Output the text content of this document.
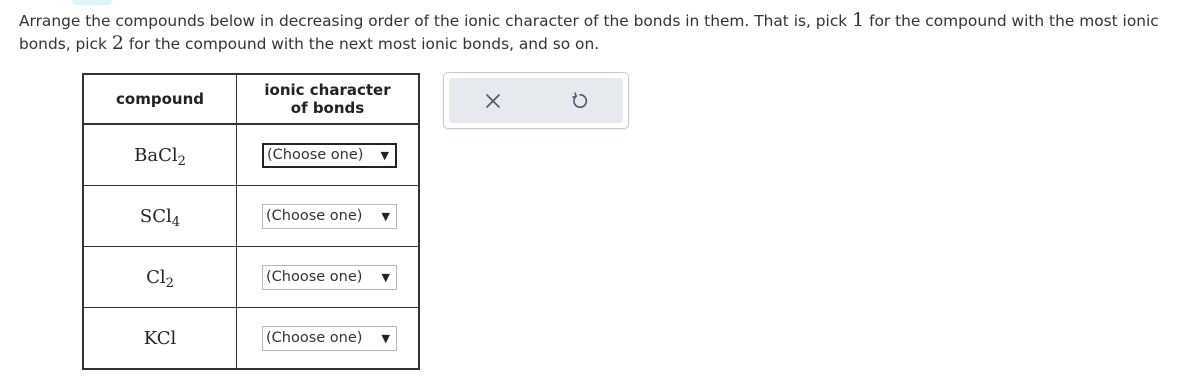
Arrange the compounds below in decreasing order of the ionic character of the bonds in them. That is, pick 1 for the compound with the most ionic bonds, pick 2 for the compound with the next most ionic bonds, and so on.
compound	ionic character of bonds

BaCl$_2$	(Choose one) ▼

SCl$_4$	(Choose one) ▼

$Cl_2$	(Choose one) ▼

KCl	(Choose one) ▼
